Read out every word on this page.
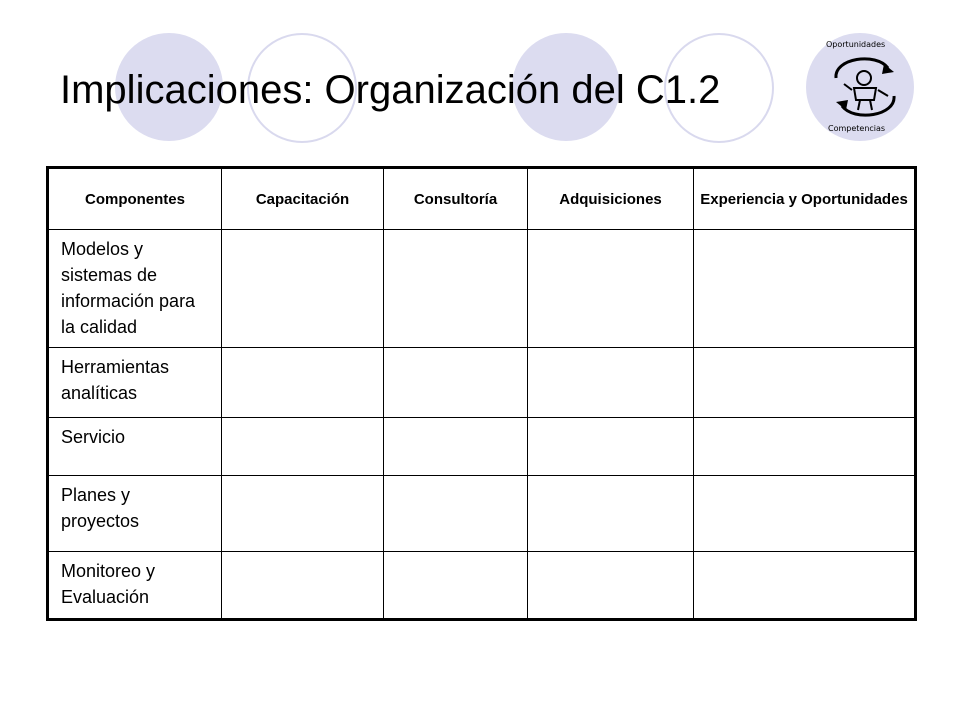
Implicaciones: Organización del C1.2
Oportunidades
Competencias
Componentes	Capacitación	Consultoría	Adquisiciones	Experiencia y Oportunidades
Modelos y sistemas de información para la calidad				
Herramientas analíticas				
Servicio				
Planes y proyectos				
Monitoreo y Evaluación				
